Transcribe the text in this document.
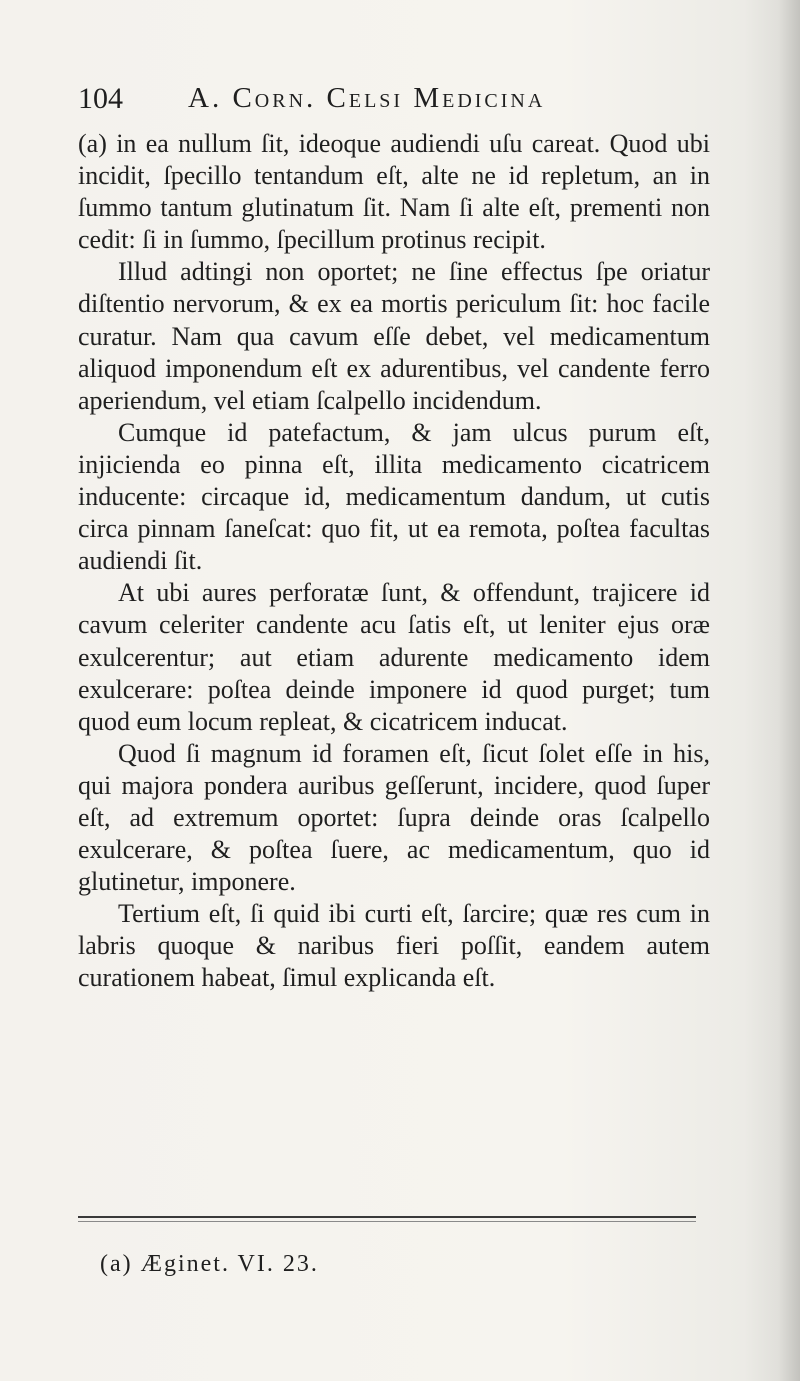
104 A. Corn. Celsi Medicina

(a) in ea nullum ſit, ideoque audiendi uſu careat. Quod ubi incidit, ſpecillo tentandum eſt, alte ne id repletum, an in ſummo tantum glutinatum ſit. Nam ſi alte eſt, prementi non cedit: ſi in ſummo, ſpecillum protinus recipit.

Illud adtingi non oportet; ne ſine effectus ſpe oriatur diſtentio nervorum, & ex ea mortis periculum ſit: hoc facile curatur. Nam qua cavum eſſe debet, vel medicamentum aliquod imponendum eſt ex adurentibus, vel candente ferro aperiendum, vel etiam ſcalpello incidendum.

Cumque id patefactum, & jam ulcus purum eſt, injicienda eo pinna eſt, illita medicamento cicatricem inducente: circaque id, medicamentum dandum, ut cutis circa pinnam ſaneſcat: quo fit, ut ea remota, poſtea facultas audiendi ſit.

At ubi aures perforatæ ſunt, & offendunt, trajicere id cavum celeriter candente acu ſatis eſt, ut leniter ejus oræ exulcerentur; aut etiam adurente medicamento idem exulcerare: poſtea deinde imponere id quod purget; tum quod eum locum repleat, & cicatricem inducat.

Quod ſi magnum id foramen eſt, ſicut ſolet eſſe in his, qui majora pondera auribus geſſerunt, incidere, quod ſuper eſt, ad extremum oportet: ſupra deinde oras ſcalpello exulcerare, & poſtea ſuere, ac medicamentum, quo id glutinetur, imponere.

Tertium eſt, ſi quid ibi curti eſt, ſarcire; quæ res cum in labris quoque & naribus fieri poſſit, eandem autem curationem habeat, ſimul explicanda eſt.

(a) Æginet. VI. 23.
